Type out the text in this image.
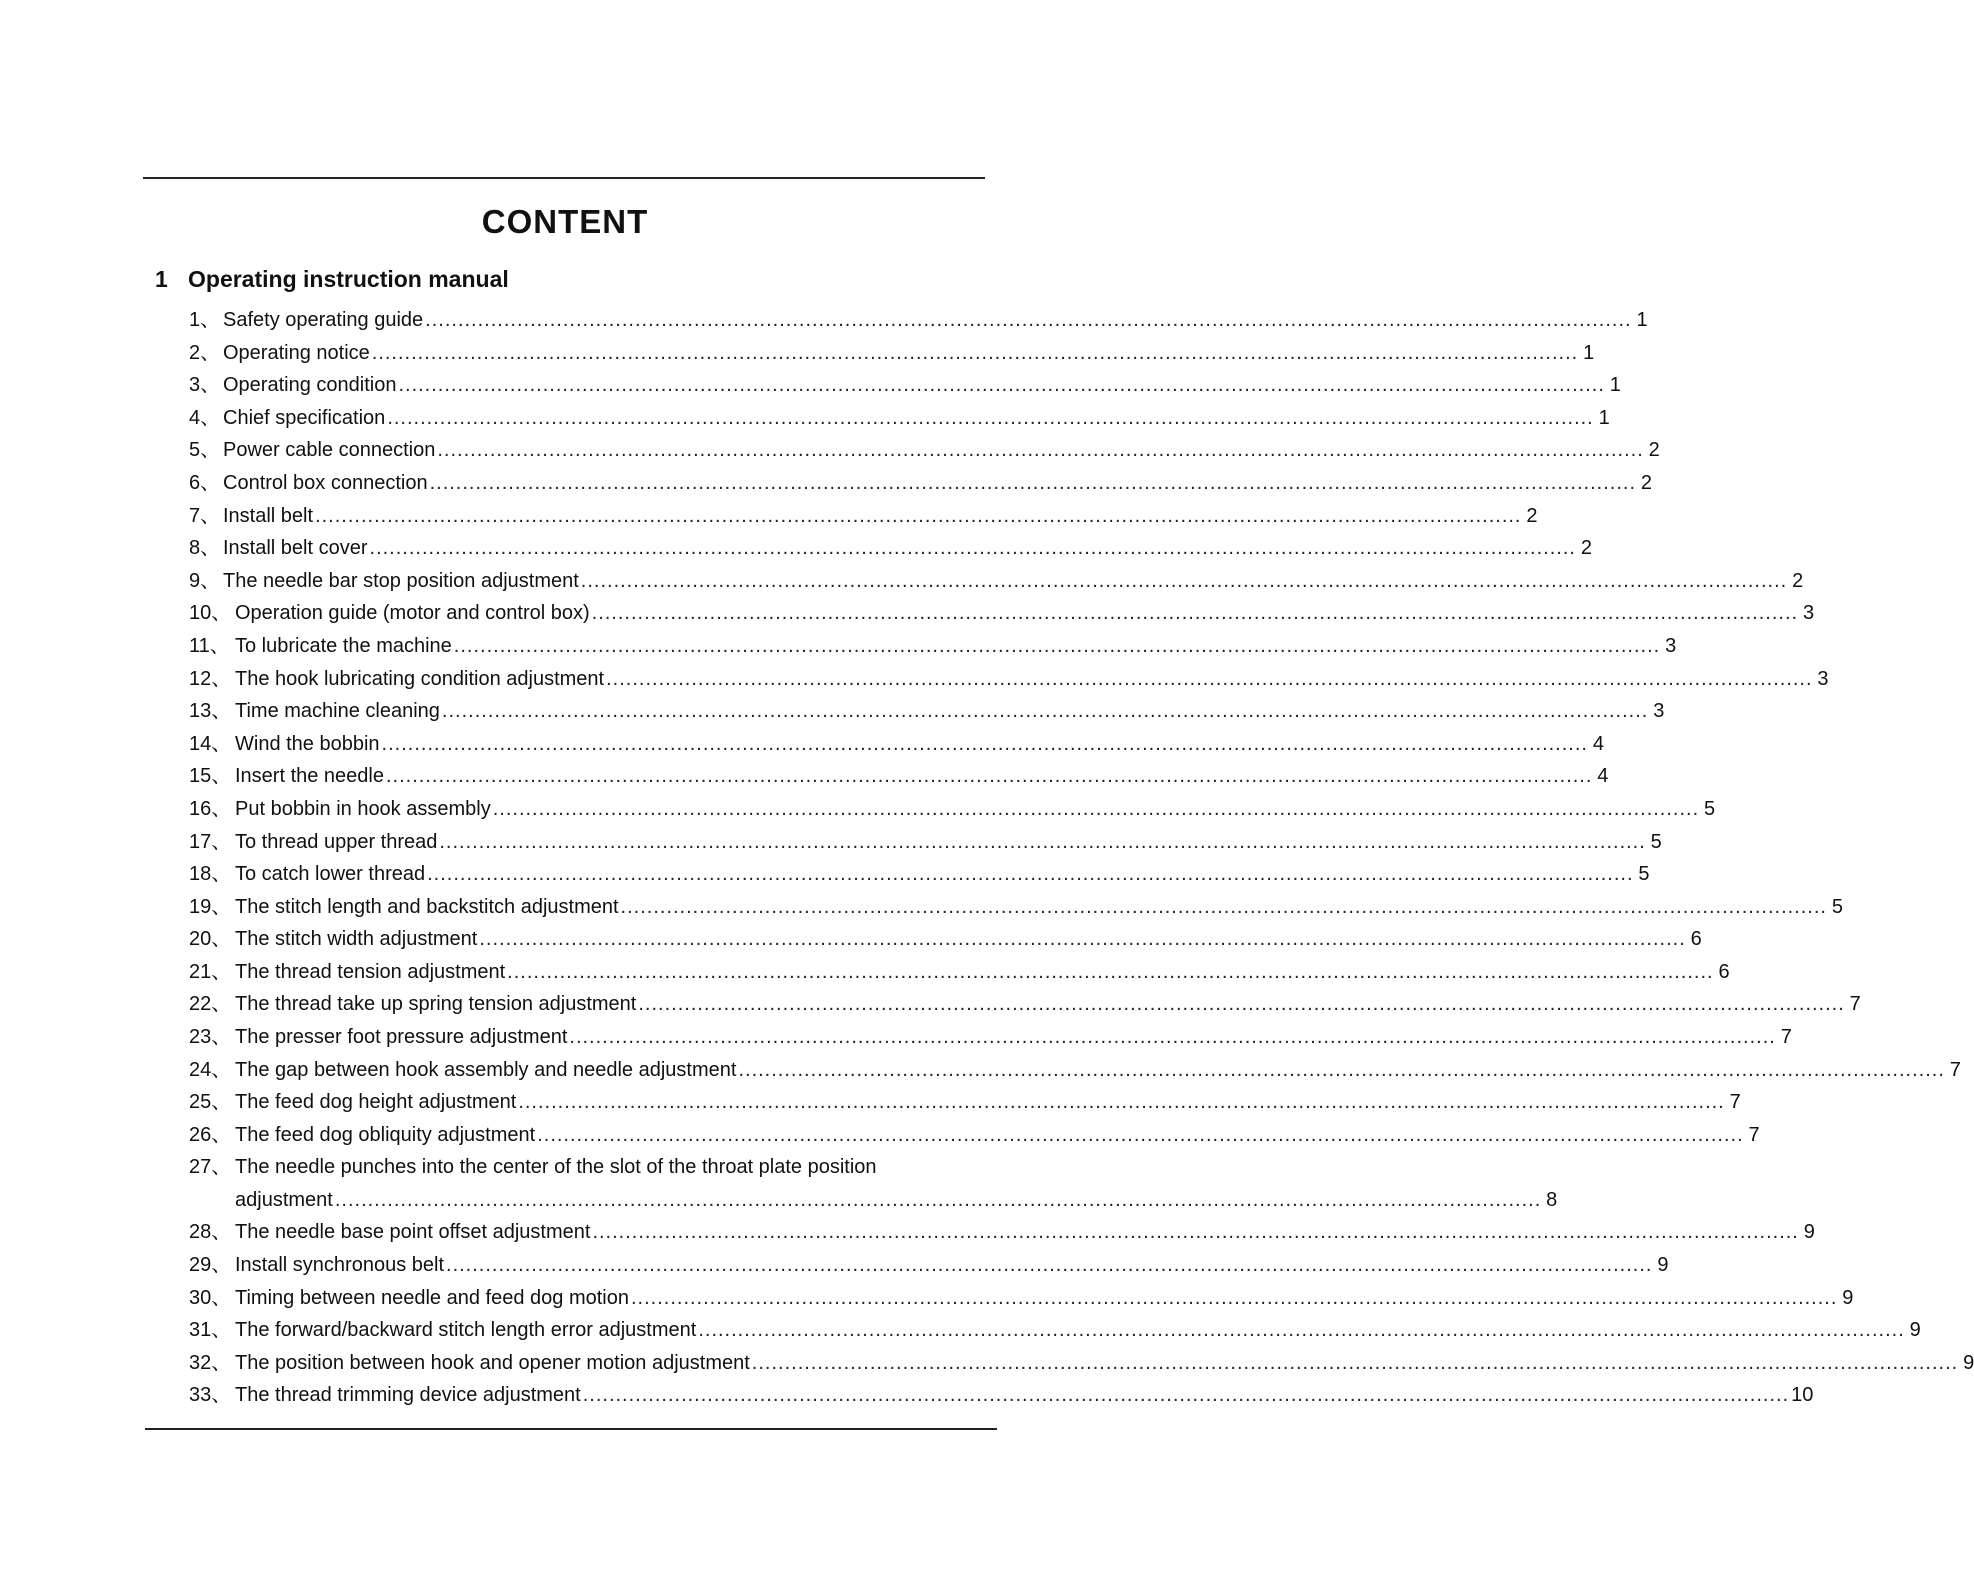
CONTENT
1 Operating instruction manual
1、 Safety operating guide .....	1
2、 Operating notice .....	1
3、 Operating condition .....	1
4、 Chief specification .....	1
5、 Power cable connection .....	2
6、 Control box connection .....	2
7、 Install belt .....	2
8、 Install belt cover .....	2
9、 The needle bar stop position adjustment .....	2
10、 Operation guide (motor and control box) .....	3
11、 To lubricate the machine .....	3
12、 The hook lubricating condition adjustment .....	3
13、 Time machine cleaning .....	3
14、 Wind the bobbin .....	4
15、 Insert the needle .....	4
16、 Put bobbin in hook assembly .....	5
17、 To thread upper thread .....	5
18、 To catch lower thread .....	5
19、 The stitch length and backstitch adjustment .....	5
20、 The stitch width adjustment .....	6
21、 The thread tension adjustment .....	6
22、 The thread take up spring tension adjustment .....	7
23、 The presser foot pressure adjustment .....	7
24、 The gap between hook assembly and needle adjustment .....	7
25、 The feed dog height adjustment .....	7
26、 The feed dog obliquity adjustment .....	7
27、 The needle punches into the center of the slot of the throat plate position
adjustment .....	8
28、 The needle base point offset adjustment .....	9
29、 Install synchronous belt .....	9
30、 Timing between needle and feed dog motion .....	9
31、 The forward/backward stitch length error adjustment .....	9
32、 The position between hook and opener motion adjustment .....	9
33、 The thread trimming device adjustment .....	10
